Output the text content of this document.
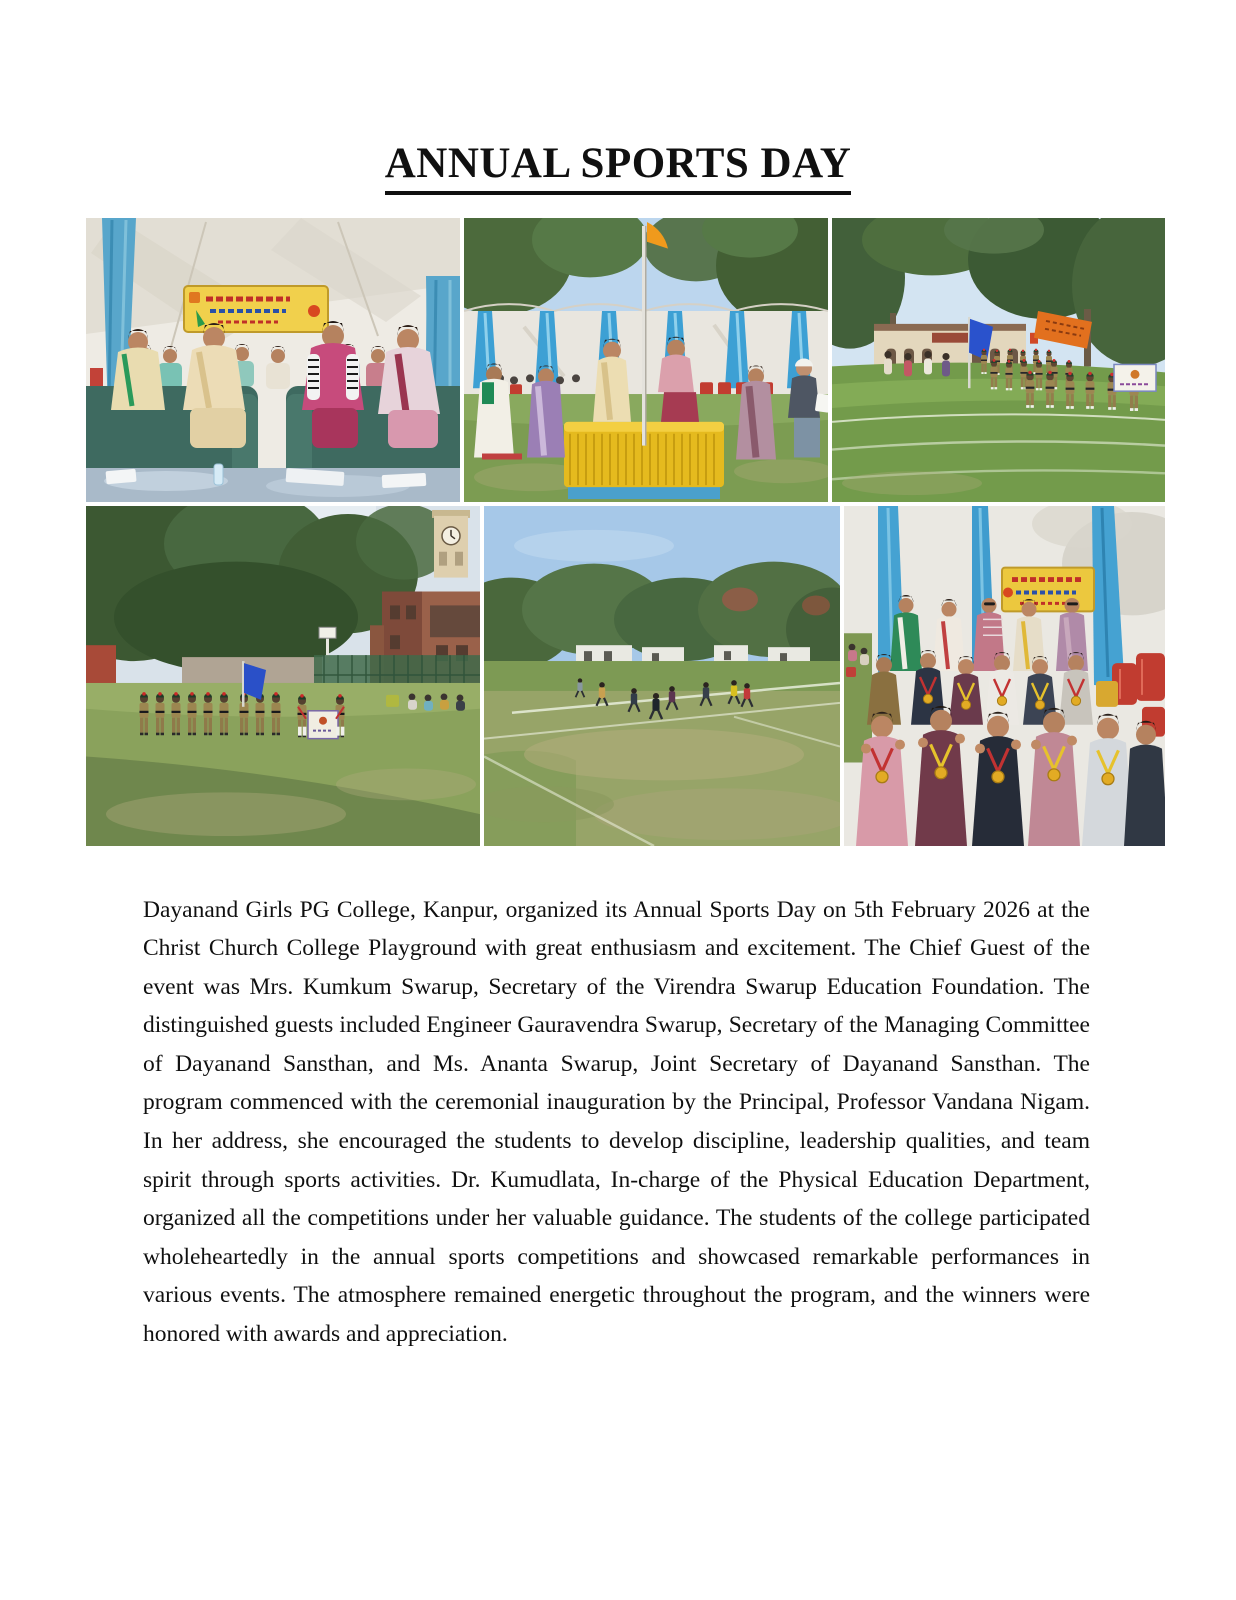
ANNUAL SPORTS DAY

Dayanand Girls PG College, Kanpur, organized its Annual Sports Day on 5th February 2026 at the Christ Church College Playground with great enthusiasm and excitement. The Chief Guest of the event was Mrs. Kumkum Swarup, Secretary of the Virendra Swarup Education Foundation. The distinguished guests included Engineer Gauravendra Swarup, Secretary of the Managing Committee of Dayanand Sansthan, and Ms. Ananta Swarup, Joint Secretary of Dayanand Sansthan. The program commenced with the ceremonial inauguration by the Principal, Professor Vandana Nigam. In her address, she encouraged the students to develop discipline, leadership qualities, and team spirit through sports activities. Dr. Kumudlata, In-charge of the Physical Education Department, organized all the competitions under her valuable guidance. The students of the college participated wholeheartedly in the annual sports competitions and showcased remarkable performances in various events. The atmosphere remained energetic throughout the program, and the winners were honored with awards and appreciation.
